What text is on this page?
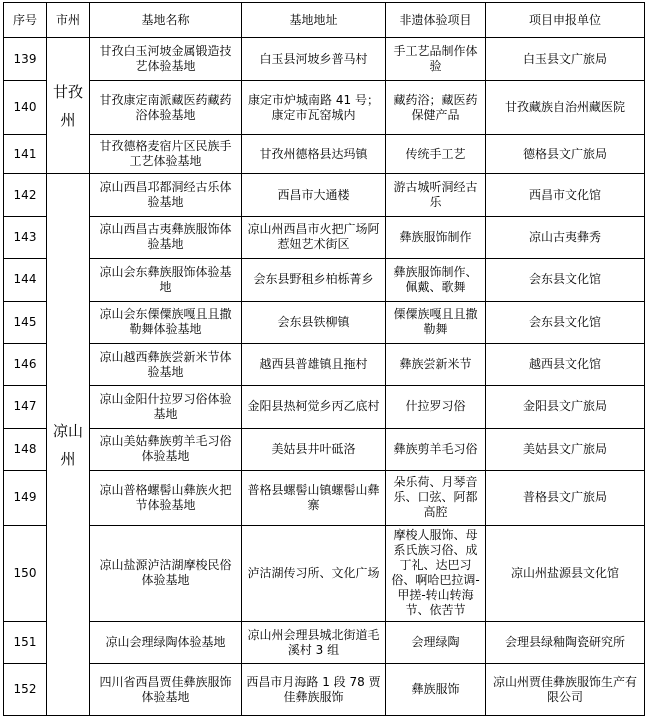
序号	市州	基地名称	基地地址	非遗体验项目	项目申报单位
139	甘孜州	甘孜白玉河坡金属锻造技艺体验基地	白玉县河坡乡普马村	手工艺品制作体验	白玉县文广旅局
140		甘孜康定南派藏医药藏药浴体验基地	康定市炉城南路 41 号；康定市瓦窑城内	藏药浴；藏医药保健产品	甘孜藏族自治州藏医院
141		甘孜德格麦宿片区民族手工艺体验基地	甘孜州德格县达玛镇	传统手工艺	德格县文广旅局
142	凉山州	凉山西昌邛都洞经古乐体验基地	西昌市大通楼	游古城听洞经古乐	西昌市文化馆
143		凉山西昌古夷彝族服饰体验基地	凉山州西昌市火把广场阿惹妞艺术街区	彝族服饰制作	凉山古夷彝秀
144		凉山会东彝族服饰体验基地	会东县野租乡柏栎菁乡	彝族服饰制作、佩戴、歌舞	会东县文化馆
145		凉山会东傈僳族嘎且且撒勒舞体验基地	会东县铁柳镇	傈僳族嘎且且撒勒舞	会东县文化馆
146		凉山越西彝族尝新米节体验基地	越西县普雄镇且拖村	彝族尝新米节	越西县文化馆
147		凉山金阳什拉罗习俗体验基地	金阳县热柯觉乡丙乙底村	什拉罗习俗	金阳县文广旅局
148		凉山美姑彝族剪羊毛习俗体验基地	美姑县井叶砥洛	彝族剪羊毛习俗	美姑县文广旅局
149		凉山普格螺髻山彝族火把节体验基地	普格县螺髻山镇螺髻山彝寨	朵乐荷、月琴音乐、口弦、阿都高腔	普格县文广旅局
150		凉山盐源泸沽湖摩梭民俗体验基地	泸沽湖传习所、文化广场	摩梭人服饰、母系氏族习俗、成丁礼、达巴习俗、啊哈巴拉调-甲搓-转山转海节、依苦节	凉山州盐源县文化馆
151		凉山会理绿陶体验基地	凉山州会理县城北街道毛溪村 3 组	会理绿陶	会理县绿釉陶瓷研究所
152		四川省西昌贾佳彝族服饰体验基地	西昌市月海路 1 段 78 贾佳彝族服饰	彝族服饰	凉山州贾佳彝族服饰生产有限公司
